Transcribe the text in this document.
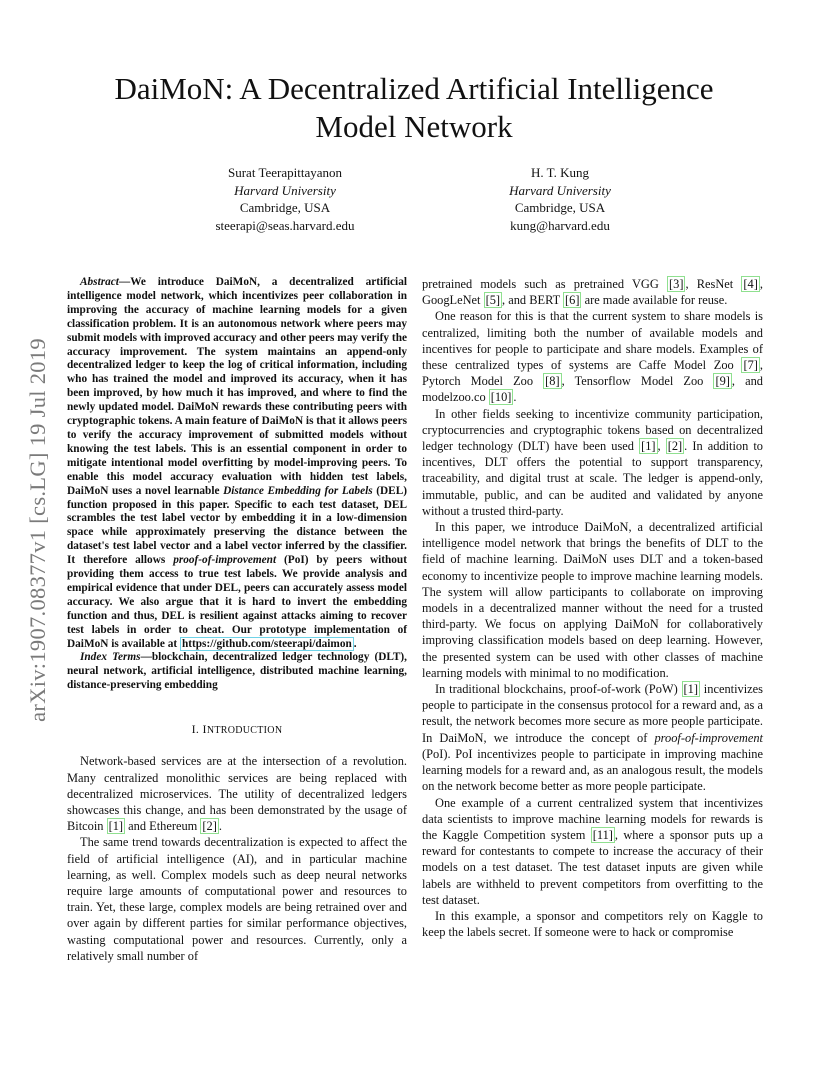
DaiMoN: A Decentralized Artificial Intelligence
Model Network
Surat Teerapittayanon
Harvard University
Cambridge, USA
steerapi@seas.harvard.edu
H. T. Kung
Harvard University
Cambridge, USA
kung@harvard.edu
arXiv:1907.08377v1 [cs.LG] 19 Jul 2019

Abstract—We introduce DaiMoN, a decentralized artificial intelligence model network, which incentivizes peer collaboration in improving the accuracy of machine learning models for a given classification problem. It is an autonomous network where peers may submit models with improved accuracy and other peers may verify the accuracy improvement. The system maintains an append-only decentralized ledger to keep the log of critical information, including who has trained the model and improved its accuracy, when it has been improved, by how much it has improved, and where to find the newly updated model. DaiMoN rewards these contributing peers with cryptographic tokens. A main feature of DaiMoN is that it allows peers to verify the accuracy improvement of submitted models without knowing the test labels. This is an essential component in order to mitigate intentional model overfitting by model-improving peers. To enable this model accuracy evaluation with hidden test labels, DaiMoN uses a novel learnable Distance Embedding for Labels (DEL) function proposed in this paper. Specific to each test dataset, DEL scrambles the test label vector by embedding it in a low-dimension space while approximately preserving the distance between the dataset's test label vector and a label vector inferred by the classifier. It therefore allows proof-of-improvement (PoI) by peers without providing them access to true test labels. We provide analysis and empirical evidence that under DEL, peers can accurately assess model accuracy. We also argue that it is hard to invert the embedding function and thus, DEL is resilient against attacks aiming to recover test labels in order to cheat. Our prototype implementation of DaiMoN is available at https://github.com/steerapi/daimon .

Index Terms—blockchain, decentralized ledger technology (DLT), neural network, artificial intelligence, distributed machine learning, distance-preserving embedding

I. INTRODUCTION

Network-based services are at the intersection of a revolution. Many centralized monolithic services are being replaced with decentralized microservices. The utility of decentralized ledgers showcases this change, and has been demonstrated by the usage of Bitcoin [1] and Ethereum [2] .

The same trend towards decentralization is expected to affect the field of artificial intelligence (AI), and in particular machine learning, as well. Complex models such as deep neural networks require large amounts of computational power and resources to train. Yet, these large, complex models are being retrained over and over again by different parties for similar performance objectives, wasting computational power and resources. Currently, only a relatively small number of

pretrained models such as pretrained VGG [3] , ResNet [4] , GoogLeNet [5] , and BERT [6] are made available for reuse.

One reason for this is that the current system to share models is centralized, limiting both the number of available models and incentives for people to participate and share models. Examples of these centralized types of systems are Caffe Model Zoo [7] , Pytorch Model Zoo [8] , Tensorflow Model Zoo [9] , and modelzoo.co [10] .

In other fields seeking to incentivize community participation, cryptocurrencies and cryptographic tokens based on decentralized ledger technology (DLT) have been used [1] , [2] . In addition to incentives, DLT offers the potential to support transparency, traceability, and digital trust at scale. The ledger is append-only, immutable, public, and can be audited and validated by anyone without a trusted third-party.

In this paper, we introduce DaiMoN, a decentralized artificial intelligence model network that brings the benefits of DLT to the field of machine learning. DaiMoN uses DLT and a token-based economy to incentivize people to improve machine learning models. The system will allow participants to collaborate on improving models in a decentralized manner without the need for a trusted third-party. We focus on applying DaiMoN for collaboratively improving classification models based on deep learning. However, the presented system can be used with other classes of machine learning models with minimal to no modification.

In traditional blockchains, proof-of-work (PoW) [1] incentivizes people to participate in the consensus protocol for a reward and, as a result, the network becomes more secure as more people participate. In DaiMoN, we introduce the concept of proof-of-improvement (PoI). PoI incentivizes people to participate in improving machine learning models for a reward and, as an analogous result, the models on the network become better as more people participate.

One example of a current centralized system that incentivizes data scientists to improve machine learning models for rewards is the Kaggle Competition system [11] , where a sponsor puts up a reward for contestants to compete to increase the accuracy of their models on a test dataset. The test dataset inputs are given while labels are withheld to prevent competitors from overfitting to the test dataset.

In this example, a sponsor and competitors rely on Kaggle to keep the labels secret. If someone were to hack or compromise
